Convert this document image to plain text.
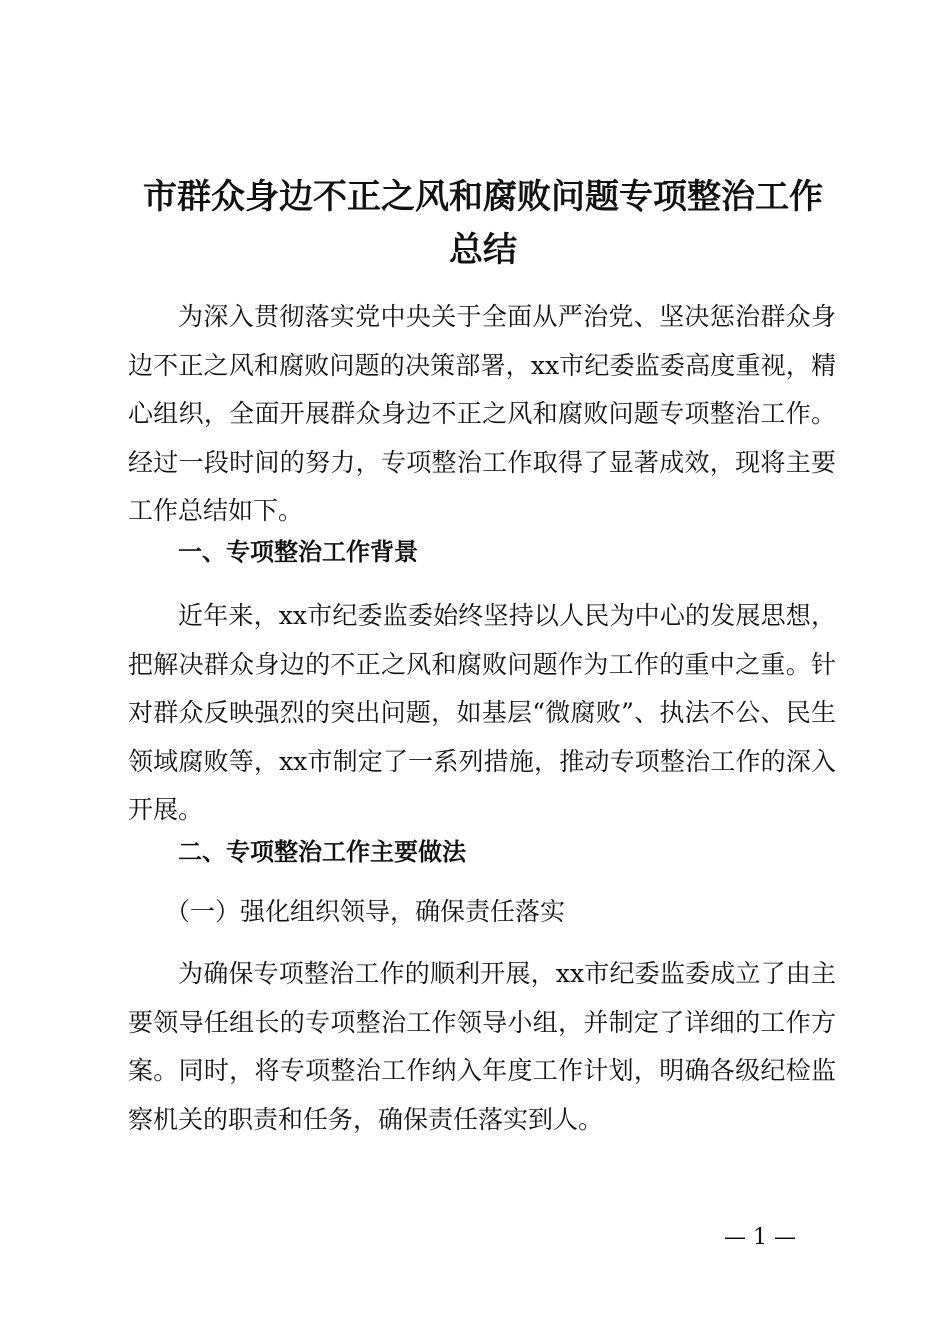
市群众身边不正之风和腐败问题专项整治工作
总结

为深入贯彻落实党中央关于全面从严治党、坚决惩治群众身边不正之风和腐败问题的决策部署，xx市纪委监委高度重视，精心组织，全面开展群众身边不正之风和腐败问题专项整治工作。经过一段时间的努力，专项整治工作取得了显著成效，现将主要工作总结如下。

一、专项整治工作背景

近年来，xx市纪委监委始终坚持以人民为中心的发展思想，把解决群众身边的不正之风和腐败问题作为工作的重中之重。针对群众反映强烈的突出问题，如基层“微腐败”、执法不公、民生领域腐败等，xx市制定了一系列措施，推动专项整治工作的深入开展。

二、专项整治工作主要做法

（一）强化组织领导，确保责任落实

为确保专项整治工作的顺利开展，xx市纪委监委成立了由主要领导任组长的专项整治工作领导小组，并制定了详细的工作方案。同时，将专项整治工作纳入年度工作计划，明确各级纪检监察机关的职责和任务，确保责任落实到人。

— 1 —
